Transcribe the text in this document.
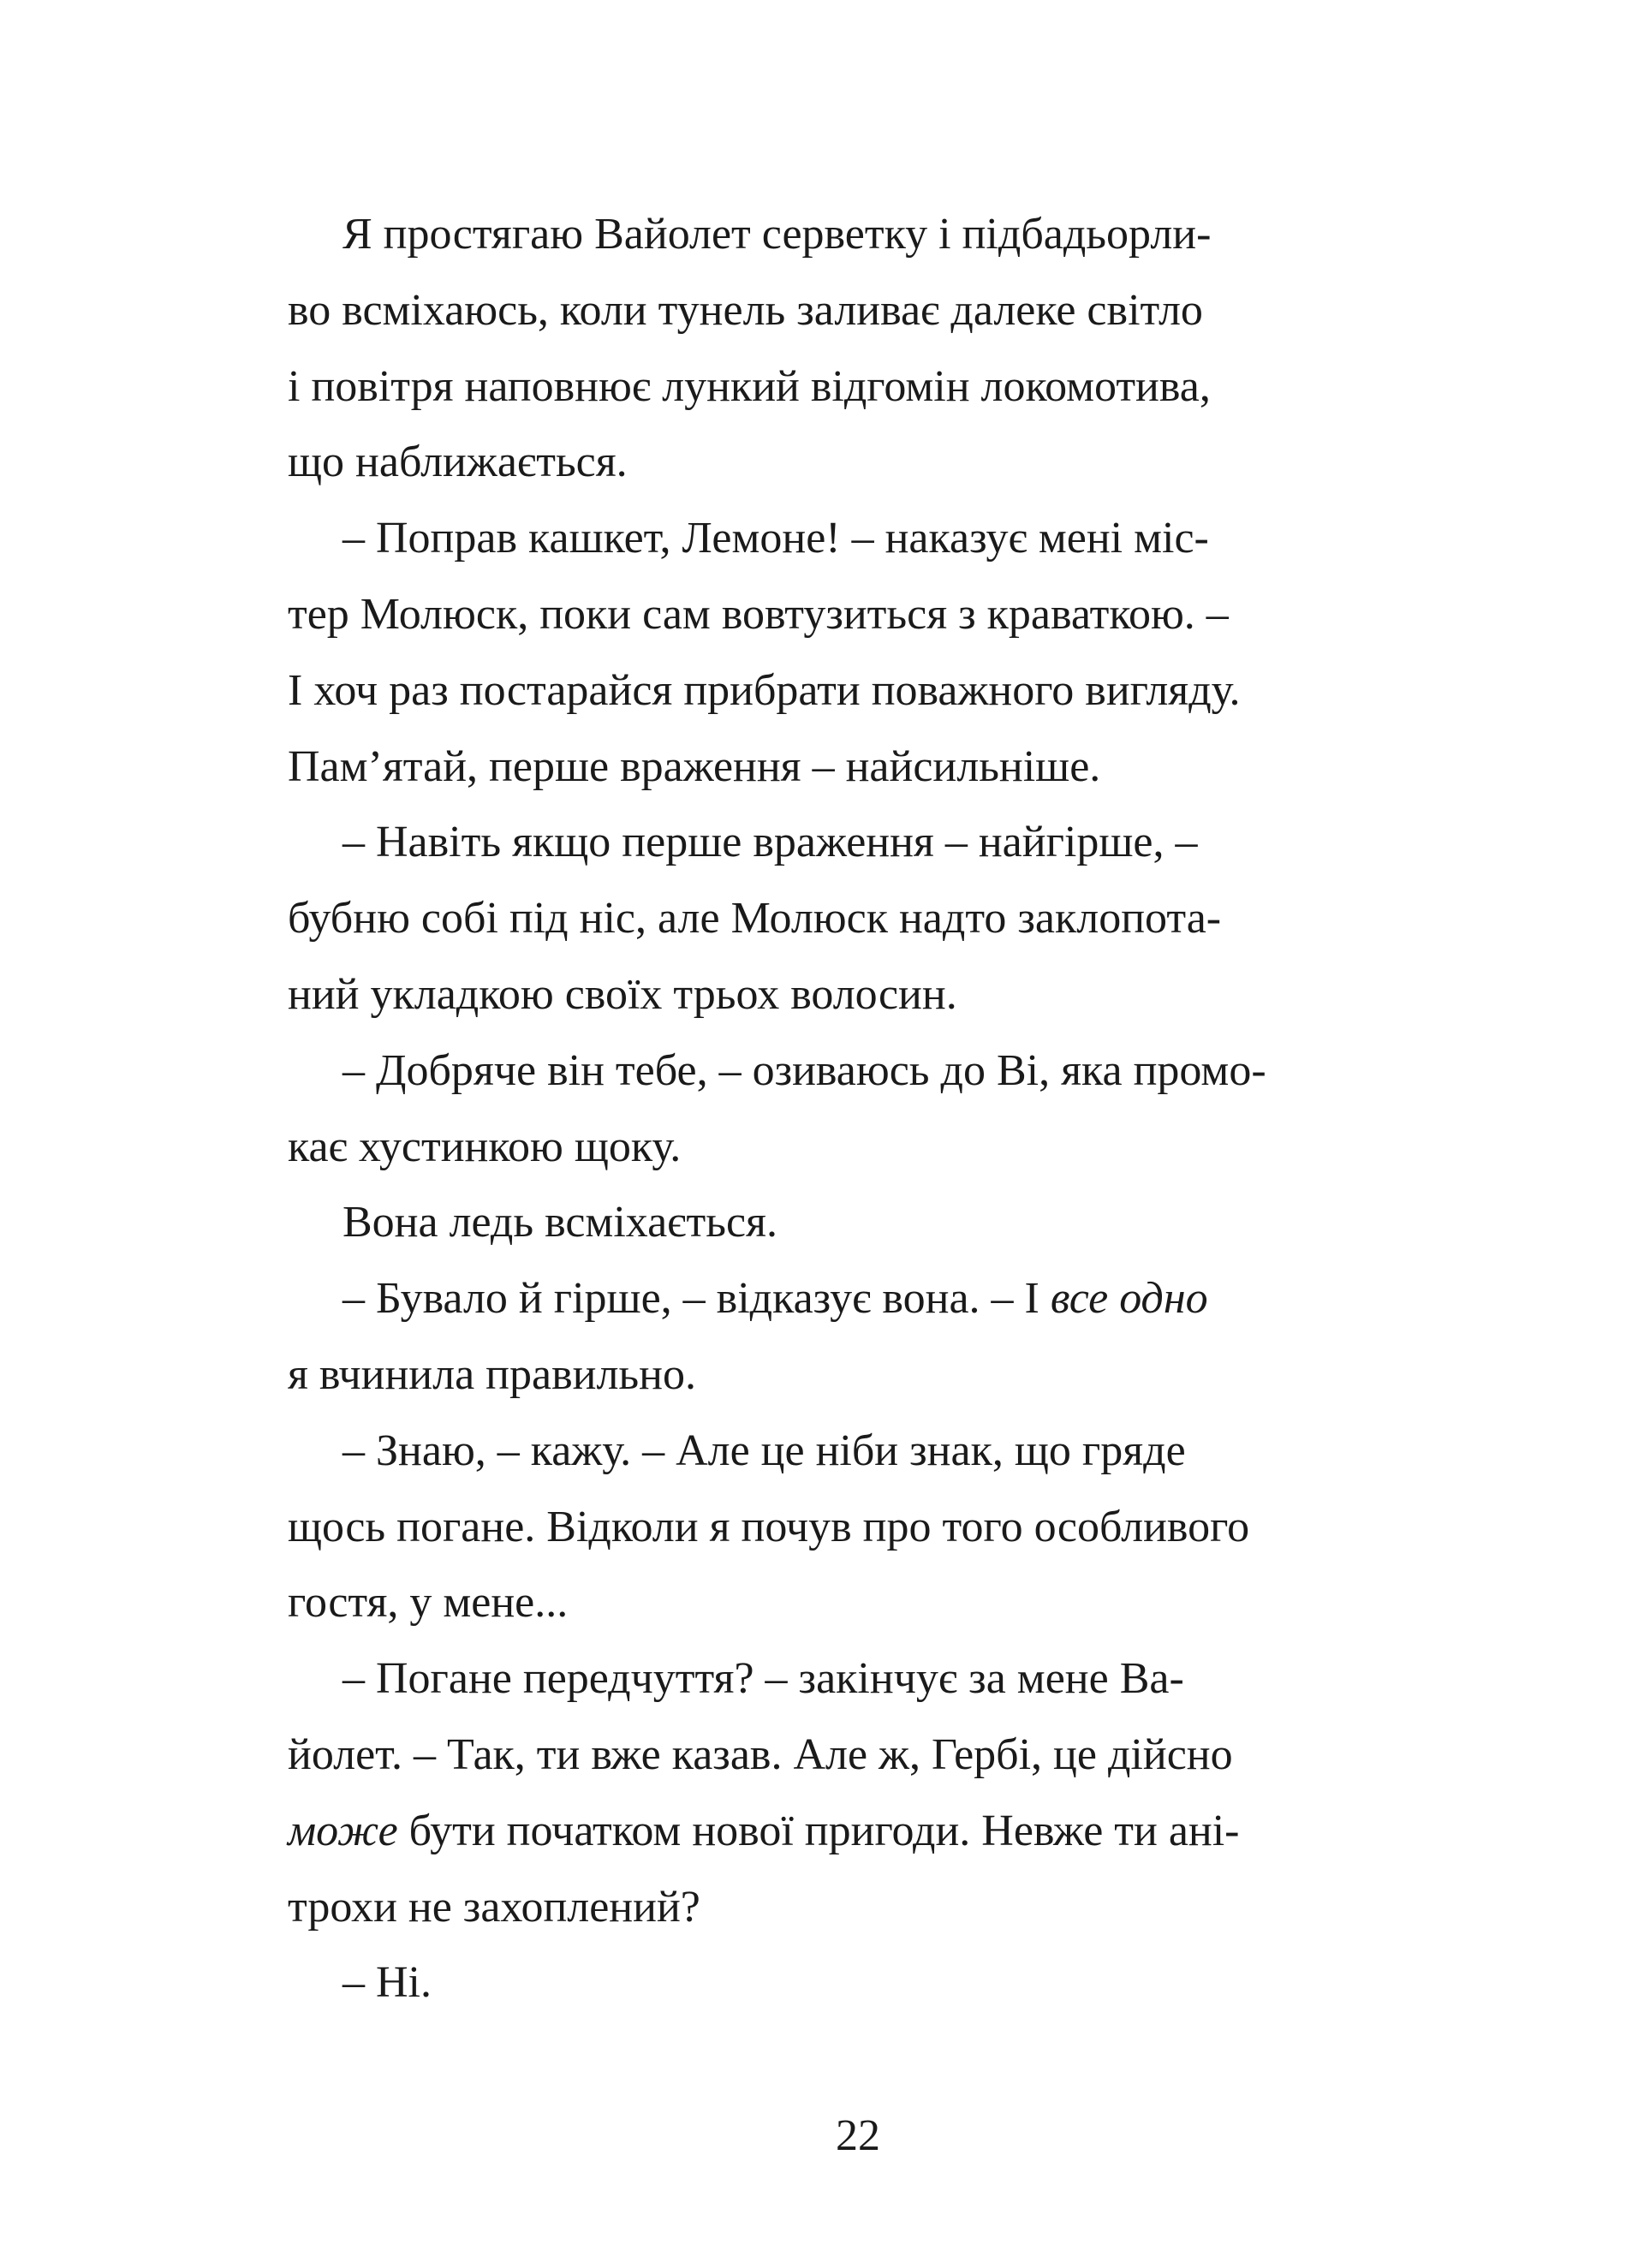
Я простягаю Вайолет серветку і підбадьорли-
во всміхаюсь, коли тунель заливає далеке світло
і повітря наповнює лункий відгомін локомотива,
що наближається.
– Поправ кашкет, Лемоне! – наказує мені міс-
тер Молюск, поки сам вовтузиться з краваткою. –
І хоч раз постарайся прибрати поважного вигляду.
Пам’ятай, перше враження – найсильніше.
– Навіть якщо перше враження – найгірше, –
бубню собі під ніс, але Молюск надто заклопота-
ний укладкою своїх трьох волосин.
– Добряче він тебе, – озиваюсь до Ві, яка промо-
кає хустинкою щоку.
Вона ледь всміхається.
– Бувало й гірше, – відказує вона. – І все одно
я вчинила правильно.
– Знаю, – кажу. – Але це ніби знак, що гряде
щось погане. Відколи я почув про того особливого
гостя, у мене...
– Погане передчуття? – закінчує за мене Ва-
йолет. – Так, ти вже казав. Але ж, Гербі, це дійсно
може бути початком нової пригоди. Невже ти ані-
трохи не захоплений?
– Ні.
22
